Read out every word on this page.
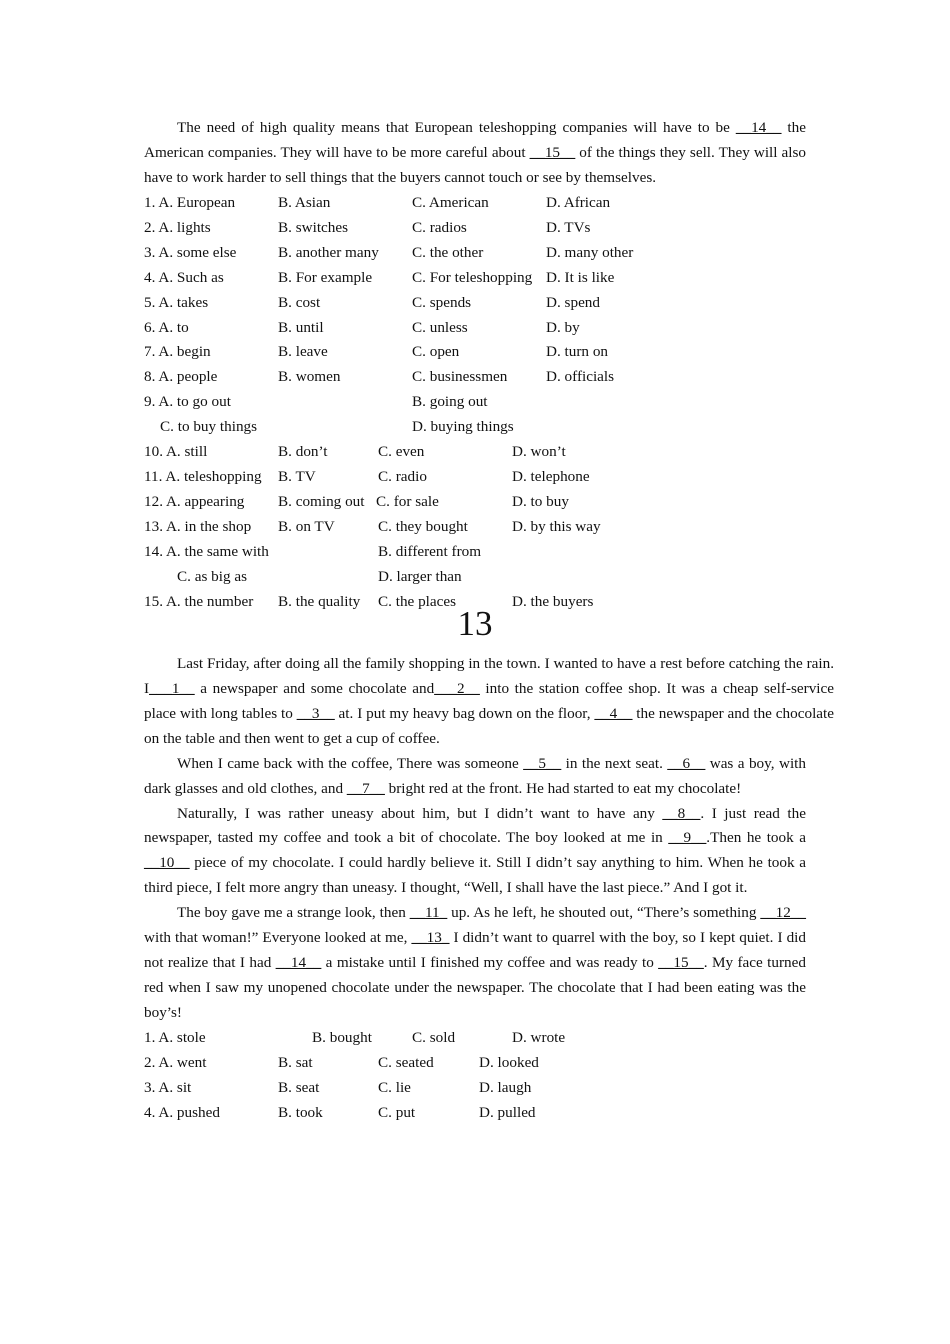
The need of high quality means that European teleshopping companies will have to be __14__ the American companies. They will have to be more careful about __15__ of the things they sell. They will also have to work harder to sell things that the buyers cannot touch or see by themselves.

1. A. European	B. Asian	C. American	D. African
2. A. lights	B. switches	C. radios	D. TVs
3. A. some else	B. another many C. the other	D. many other
4. A. Such as	B. For example	C. For teleshopping D. It is like
5. A. takes	B. cost	C. spends	D. spend
6. A. to	B. until	C. unless	D. by
7. A. begin	B. leave	C. open	D. turn on
8. A. people	B. women	C. businessmen	D. officials
9. A. to go out	B. going out
C. to buy things	D. buying things
10. A. still	B. don’t	C. even	D. won’t
11. A. teleshopping B. TV	C. radio	D. telephone
12. A. appearing B. coming out C. for sale	D. to buy
13. A. in the shop B. on TV	C. they bought	D. by this way
14. A. the same with	B. different from
C. as big as	D. larger than
15. A. the number B. the quality C. the places	D. the buyers
13

Last Friday, after doing all the family shopping in the town. I wanted to have a rest before catching the rain. I___1__ a newspaper and some chocolate and___2__ into the station coffee shop. It was a cheap self-service place with long tables to __3__ at. I put my heavy bag down on the floor, __4__ the newspaper and the chocolate on the table and then went to get a cup of coffee.

When I came back with the coffee, There was someone __5__ in the next seat. __6__ was a boy, with dark glasses and old clothes, and __7__ bright red at the front. He had started to eat my chocolate!

Naturally, I was rather uneasy about him, but I didn’t want to have any __8__. I just read the newspaper, tasted my coffee and took a bit of chocolate. The boy looked at me in __9__.Then he took a __10__ piece of my chocolate. I could hardly believe it. Still I didn’t say anything to him. When he took a third piece, I felt more angry than uneasy. I thought, “Well, I shall have the last piece.” And I got it.

The boy gave me a strange look, then __11_ up. As he left, he shouted out, “There’s something __12__ with that woman!” Everyone looked at me, __13_ I didn’t want to quarrel with the boy, so I kept quiet. I did not realize that I had __14__ a mistake until I finished my coffee and was ready to __15__. My face turned red when I saw my unopened chocolate under the newspaper. The chocolate that I had been eating was the boy’s!

1. A. stole	B. bought	C. sold	D. wrote
2. A. went	B. sat	C. seated	D. looked
3. A. sit	B. seat	C. lie	D. laugh
4. A. pushed	B. took	C. put	D. pulled
